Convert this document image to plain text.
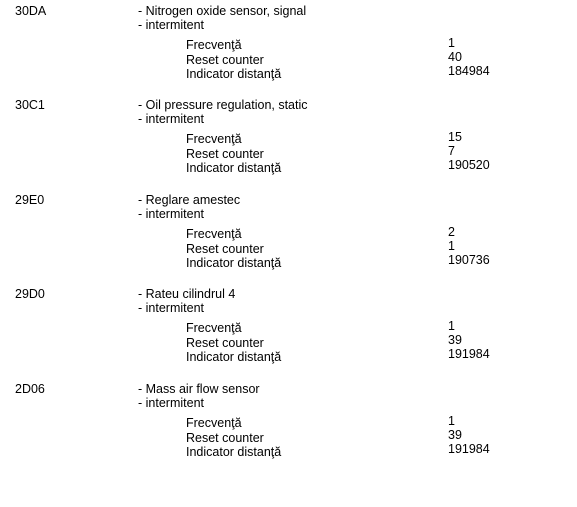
30DA	- Nitrogen oxide sensor, signal
- intermitent
Frecvenţă	1
Reset counter	40
Indicator distanţă	184984
30C1	- Oil pressure regulation, static
- intermitent
Frecvenţă	15
Reset counter	7
Indicator distanţă	190520
29E0	- Reglare amestec
- intermitent
Frecvenţă	2
Reset counter	1
Indicator distanţă	190736
29D0	- Rateu cilindrul 4
- intermitent
Frecvenţă	1
Reset counter	39
Indicator distanţă	191984
2D06	- Mass air flow sensor
- intermitent
Frecvenţă	1
Reset counter	39
Indicator distanţă	191984
